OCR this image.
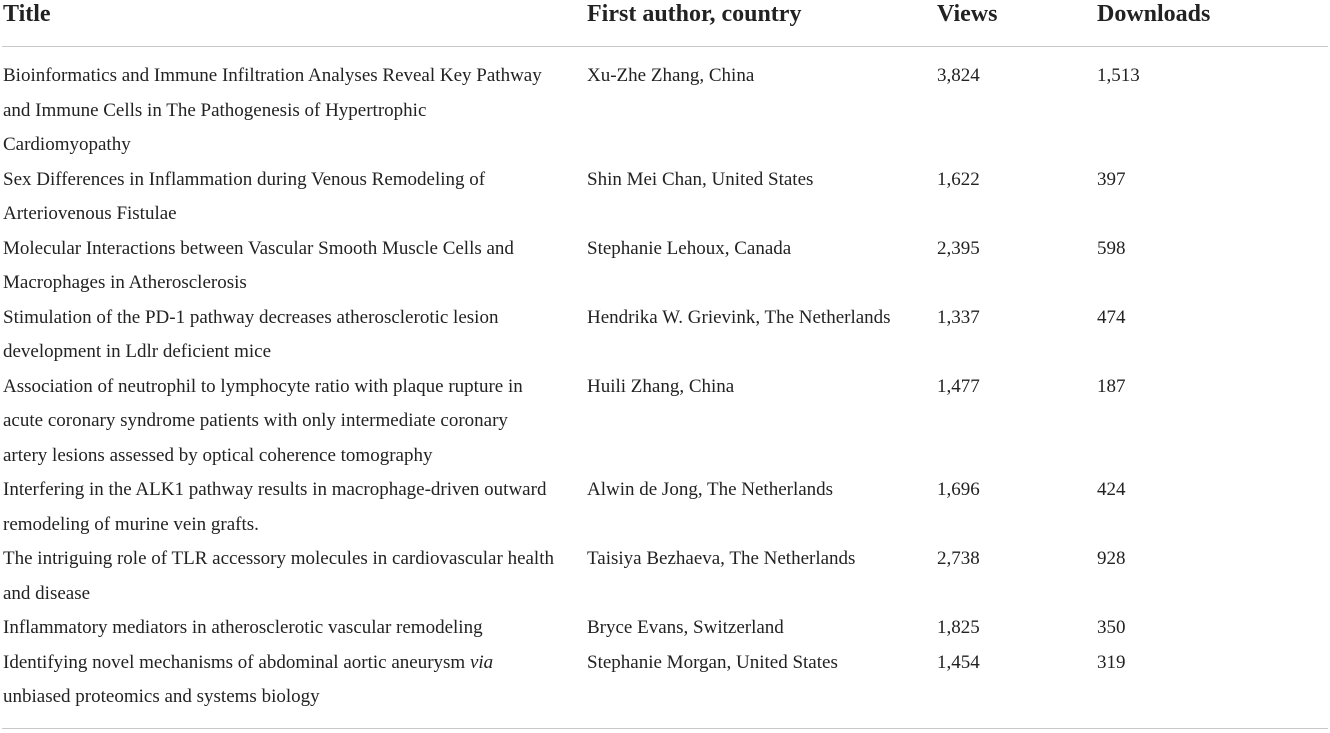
Title	First author, country	Views	Downloads
Bioinformatics and Immune Infiltration Analyses Reveal Key Pathway and Immune Cells in The Pathogenesis of Hypertrophic Cardiomyopathy	Xu-Zhe Zhang, China	3,824	1,513
Sex Differences in Inflammation during Venous Remodeling of Arteriovenous Fistulae	Shin Mei Chan, United States	1,622	397
Molecular Interactions between Vascular Smooth Muscle Cells and Macrophages in Atherosclerosis	Stephanie Lehoux, Canada	2,395	598
Stimulation of the PD-1 pathway decreases atherosclerotic lesion development in Ldlr deficient mice	Hendrika W. Grievink, The Netherlands	1,337	474
Association of neutrophil to lymphocyte ratio with plaque rupture in acute coronary syndrome patients with only intermediate coronary artery lesions assessed by optical coherence tomography	Huili Zhang, China	1,477	187
Interfering in the ALK1 pathway results in macrophage-driven outward remodeling of murine vein grafts.	Alwin de Jong, The Netherlands	1,696	424
The intriguing role of TLR accessory molecules in cardiovascular health and disease	Taisiya Bezhaeva, The Netherlands	2,738	928
Inflammatory mediators in atherosclerotic vascular remodeling	Bryce Evans, Switzerland	1,825	350
Identifying novel mechanisms of abdominal aortic aneurysm via unbiased proteomics and systems biology	Stephanie Morgan, United States	1,454	319
